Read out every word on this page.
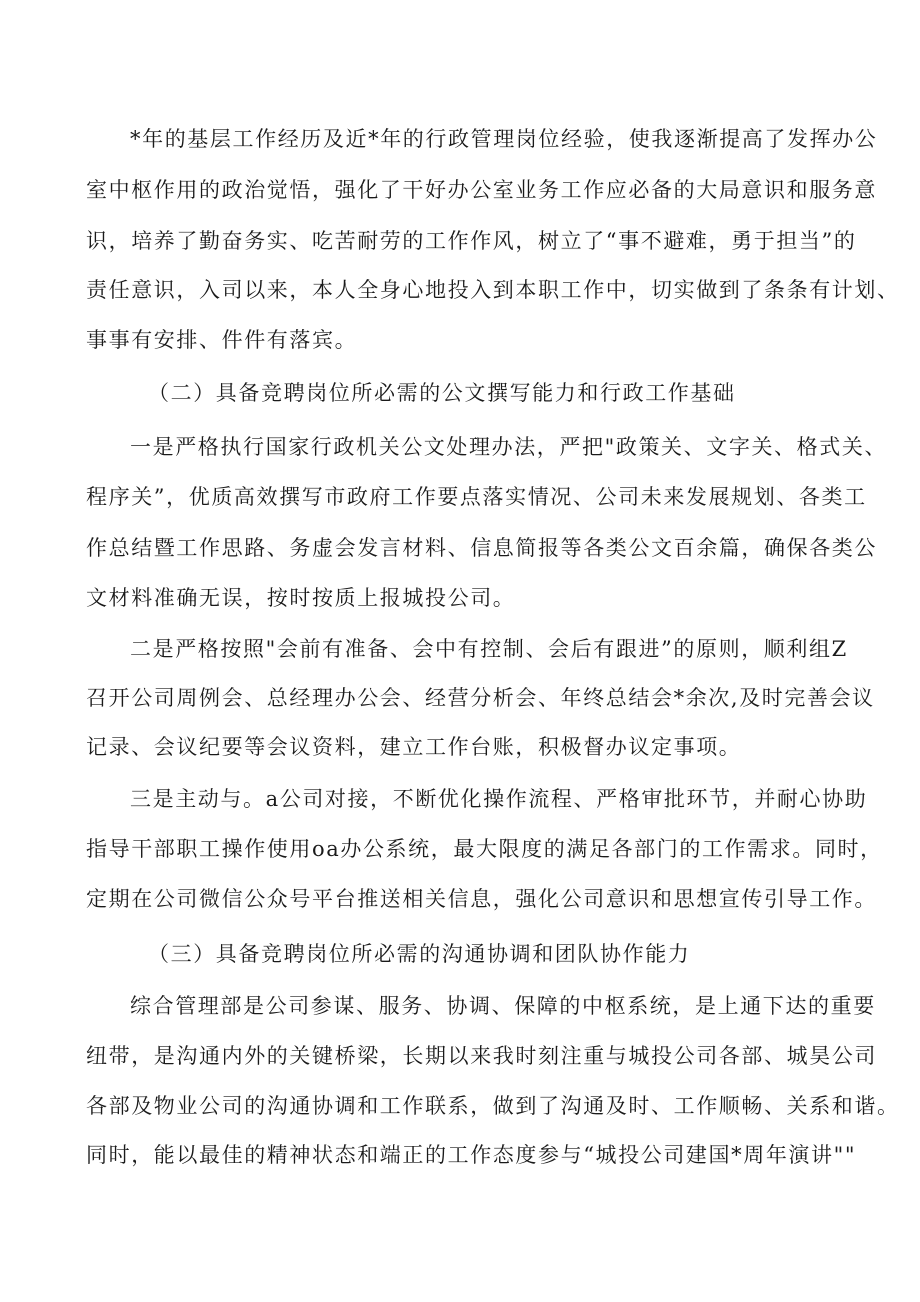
*年的基层工作经历及近*年的行政管理岗位经验，使我逐渐提高了发挥办公
室中枢作用的政治觉悟，强化了干好办公室业务工作应必备的大局意识和服务意
识，培养了勤奋务实、吃苦耐劳的工作作风，树立了“事不避难，勇于担当”的
责任意识，入司以来，本人全身心地投入到本职工作中，切实做到了条条有计划、
事事有安排、件件有落宾。
（二）具备竞聘岗位所必需的公文撰写能力和行政工作基础
一是严格执行国家行政机关公文处理办法，严把"政策关、文字关、格式关、
程序关”，优质高效撰写市政府工作要点落实情况、公司未来发展规划、各类工
作总结暨工作思路、务虚会发言材料、信息简报等各类公文百余篇，确保各类公
文材料准确无误，按时按质上报城投公司。
二是严格按照"会前有准备、会中有控制、会后有跟进”的原则，顺利组Z
召开公司周例会、总经理办公会、经营分析会、年终总结会*余次,及时完善会议
记录、会议纪要等会议资料，建立工作台账，积极督办议定事项。
三是主动与。a公司对接，不断优化操作流程、严格审批环节，并耐心协助
指导干部职工操作使用oa办公系统，最大限度的满足各部门的工作需求。同时，
定期在公司微信公众号平台推送相关信息，强化公司意识和思想宣传引导工作。
（三）具备竞聘岗位所必需的沟通协调和团队协作能力
综合管理部是公司参谋、服务、协调、保障的中枢系统，是上通下达的重要
纽带，是沟通内外的关键桥梁，长期以来我时刻注重与城投公司各部、城昊公司
各部及物业公司的沟通协调和工作联系，做到了沟通及时、工作顺畅、关系和谐。
同时，能以最佳的精神状态和端正的工作态度参与“城投公司建国*周年演讲""
